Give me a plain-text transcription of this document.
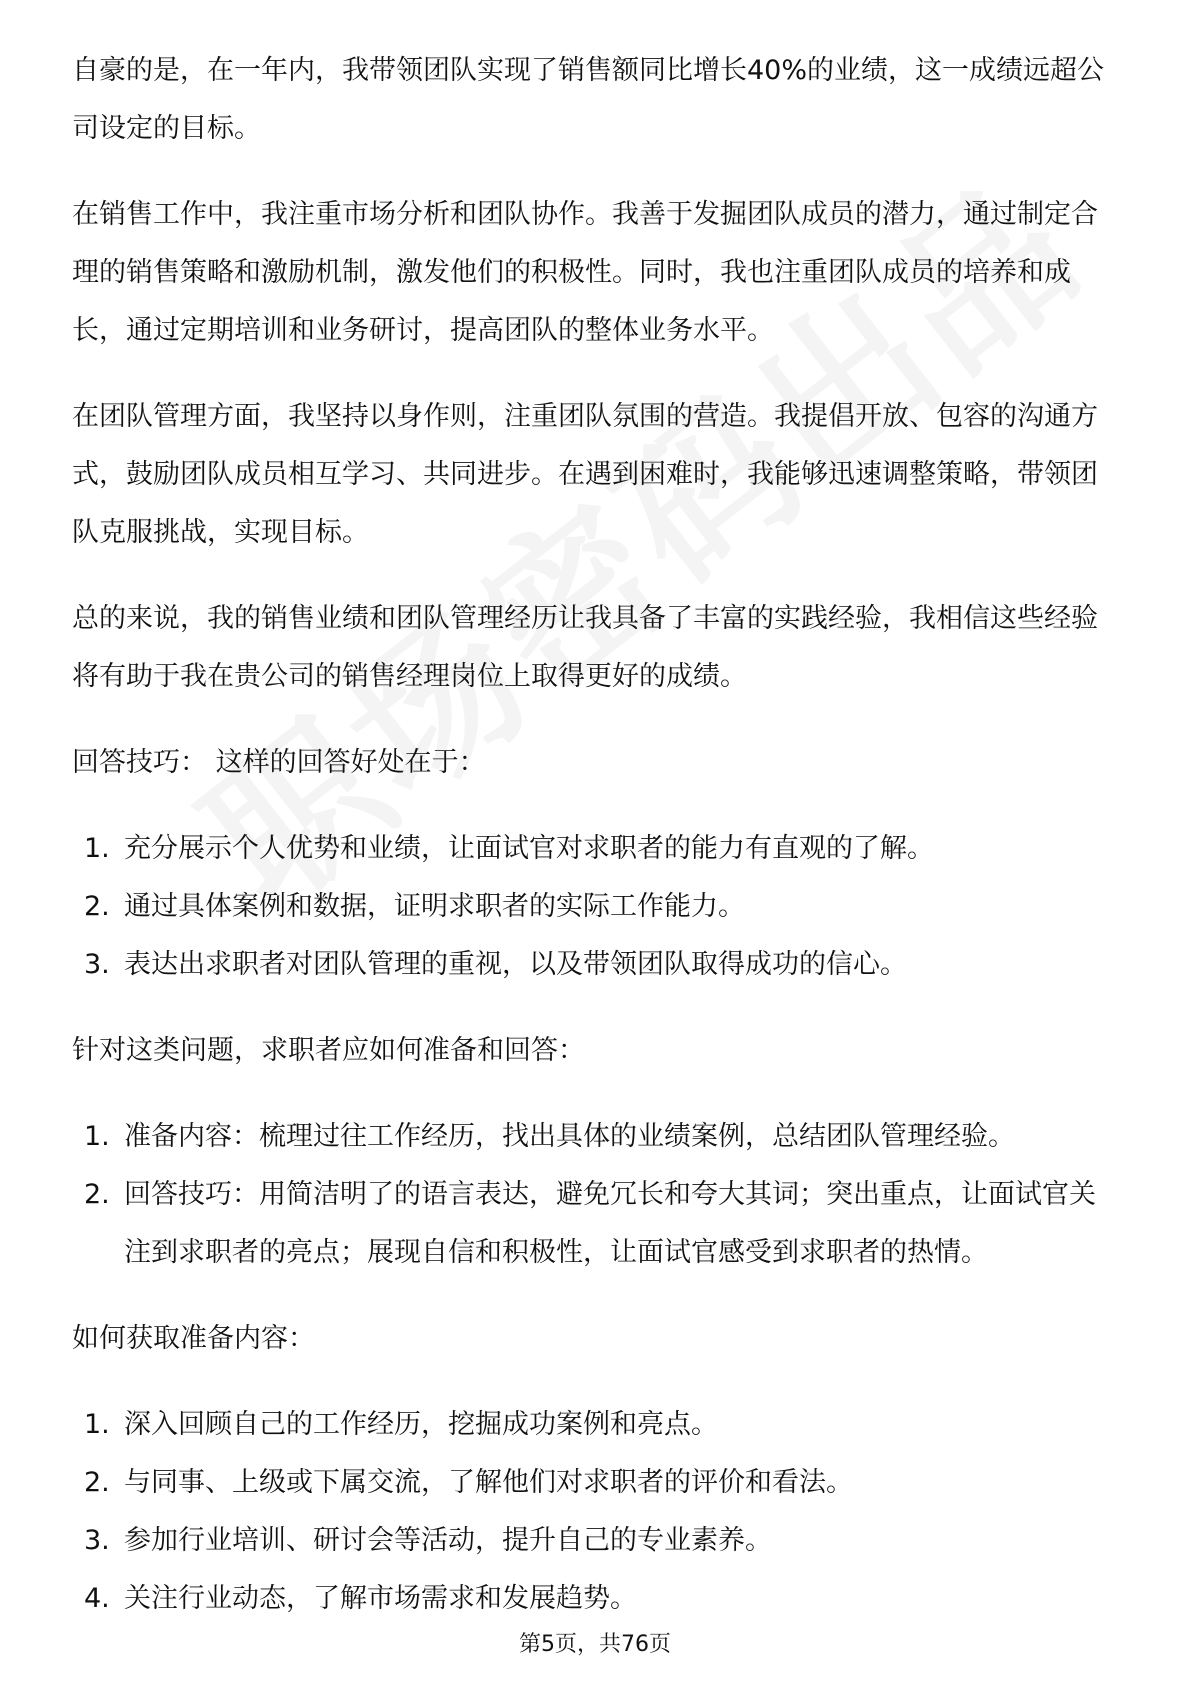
自豪的是，在一年内，我带领团队实现了销售额同比增长40%的业绩，这一成绩远超公司设定的目标。

在销售工作中，我注重市场分析和团队协作。我善于发掘团队成员的潜力，通过制定合理的销售策略和激励机制，激发他们的积极性。同时，我也注重团队成员的培养和成长，通过定期培训和业务研讨，提高团队的整体业务水平。

在团队管理方面，我坚持以身作则，注重团队氛围的营造。我提倡开放、包容的沟通方式，鼓励团队成员相互学习、共同进步。在遇到困难时，我能够迅速调整策略，带领团队克服挑战，实现目标。

总的来说，我的销售业绩和团队管理经历让我具备了丰富的实践经验，我相信这些经验将有助于我在贵公司的销售经理岗位上取得更好的成绩。

回答技巧： 这样的回答好处在于：

1. 充分展示个人优势和业绩，让面试官对求职者的能力有直观的了解。
2. 通过具体案例和数据，证明求职者的实际工作能力。
3. 表达出求职者对团队管理的重视，以及带领团队取得成功的信心。

针对这类问题，求职者应如何准备和回答：

1. 准备内容：梳理过往工作经历，找出具体的业绩案例，总结团队管理经验。
2. 回答技巧：用简洁明了的语言表达，避免冗长和夸大其词；突出重点，让面试官关注到求职者的亮点；展现自信和积极性，让面试官感受到求职者的热情。

如何获取准备内容：

1. 深入回顾自己的工作经历，挖掘成功案例和亮点。
2. 与同事、上级或下属交流，了解他们对求职者的评价和看法。
3. 参加行业培训、研讨会等活动，提升自己的专业素养。
4. 关注行业动态，了解市场需求和发展趋势。
第5页，共76页
